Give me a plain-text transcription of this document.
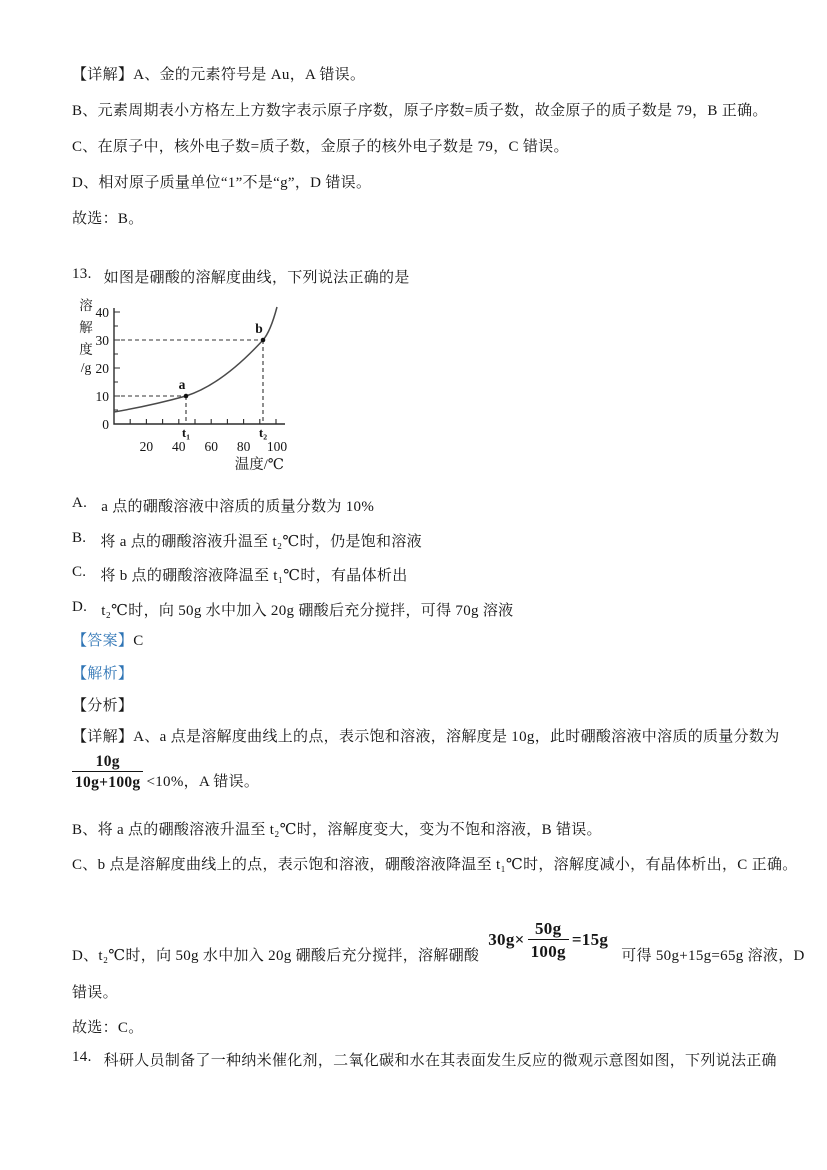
【详解】A、金的元素符号是 Au，A 错误。
B、元素周期表小方格左上方数字表示原子序数，原子序数=质子数，故金原子的质子数是 79，B 正确。
C、在原子中，核外电子数=质子数，金原子的核外电子数是 79，C 错误。
D、相对原子质量单位“1”不是“g”，D 错误。
故选：B。
13. 如图是硼酸的溶解度曲线，下列说法正确的是
a
b
40
30
20
10
0
溶
解
度
/g
t₁	t₂
20 40 60 80 100
温度/℃
A. a 点的硼酸溶液中溶质的质量分数为 10%
B. 将 a 点的硼酸溶液升温至 t₂℃时，仍是饱和溶液
C. 将 b 点的硼酸溶液降温至 t₁℃时，有晶体析出
D. t₂℃时，向 50g 水中加入 20g 硼酸后充分搅拌，可得 70g 溶液
【答案】C
【解析】
【分析】
【详解】A、a 点是溶解度曲线上的点，表示饱和溶液，溶解度是 10g，此时硼酸溶液中溶质的质量分数为
$\frac{10g}{10g+100g} <10\%$，A 错误。
B、将 a 点的硼酸溶液升温至 t₂℃时，溶解度变大，变为不饱和溶液，B 错误。
C、b 点是溶解度曲线上的点，表示饱和溶液，硼酸溶液降温至 t₁℃时，溶解度减小，有晶体析出，C 正确。
D、t₂℃时，向 50g 水中加入 20g 硼酸后充分搅拌，溶解硼酸
$30g\times \frac{50g}{100g} =15g$
可得 50g+15g=65g 溶液，D
错误。
故选：C。
14. 科研人员制备了一种纳米催化剂，二氧化碳和水在其表面发生反应的微观示意图如图，下列说法正确
